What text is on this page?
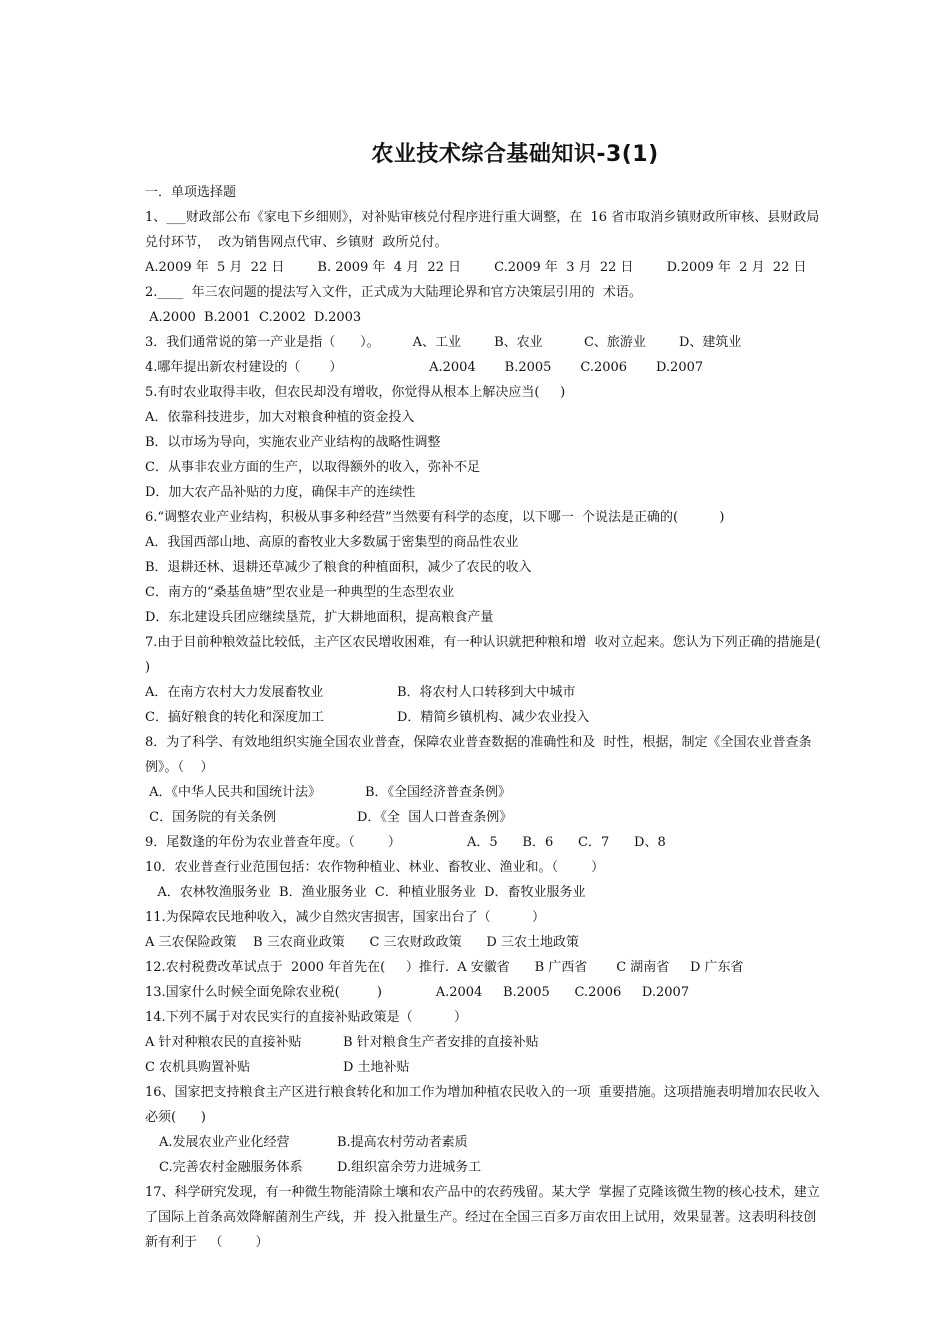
农业技术综合基础知识-3(1)
一．单项选择题
1、___财政部公布《家电下乡细则》，对补贴审核兑付程序进行重大调整，在  16 省市取消乡镇财政所审核、县财政局
兑付环节，  改为销售网点代审、乡镇财  政所兑付。
A.2009 年  5 月  22 日        B. 2009 年  4 月  22 日        C.2009 年  3 月  22 日        D.2009 年  2 月  22 日
2.____  年三农问题的提法写入文件，正式成为大陆理论界和官方决策层引用的  术语。
A.2000  B.2001  C.2002  D.2003
3．我们通常说的第一产业是指（      ）。        A、工业        B、农业          C、旅游业        D、建筑业
4.哪年提出新农村建设的（       ）                     A.2004       B.2005       C.2006       D.2007
5.有时农业取得丰收，但农民却没有增收，你觉得从根本上解决应当(     )
A．依靠科技进步，加大对粮食种植的资金投入
B．以市场为导向，实施农业产业结构的战略性调整
C．从事非农业方面的生产，以取得额外的收入，弥补不足
D．加大农产品补贴的力度，确保丰产的连续性
6.“调整农业产业结构，积极从事多种经营”当然要有科学的态度，以下哪一  个说法是正确的(          )
A．我国西部山地、高原的畜牧业大多数属于密集型的商品性农业
B．退耕还林、退耕还草减少了粮食的种植面积，减少了农民的收入
C．南方的“桑基鱼塘”型农业是一种典型的生态型农业
D．东北建设兵团应继续垦荒，扩大耕地面积，提高粮食产量
7.由于目前种粮效益比较低，主产区农民增收困难，有一种认识就把种粮和增  收对立起来。您认为下列正确的措施是(
)
A．在南方农村大力发展畜牧业	B．将农村人口转移到大中城市
C．搞好粮食的转化和深度加工	D．精简乡镇机构、减少农业投入
8．为了科学、有效地组织实施全国农业普查，保障农业普查数据的准确性和及  时性，根据，制定《全国农业普查条
例》。（    ）
A．《中华人民共和国统计法》	B．《全国经济普查条例》
C．国务院的有关条例	D．《全  国人口普查条例》
9．尾数逢的年份为农业普查年度。（        ）                A．5      B．6      C．7      D、8
10．农业普查行业范围包括：农作物种植业、林业、畜牧业、渔业和。（        ）
A．农林牧渔服务业  B．渔业服务业  C．种植业服务业  D．畜牧业服务业
11.为保障农民地种收入，减少自然灾害损害，国家出台了（          ）
A 三农保险政策    B 三农商业政策      C 三农财政政策      D 三农土地政策
12.农村税费改革试点于  2000 年首先在(     ）推行.  A 安徽省      B 广西省       C 湖南省     D 广东省
13.国家什么时候全面免除农业税(         )             A.2004     B.2005      C.2006     D.2007
14.下列不属于对农民实行的直接补贴政策是（          ）
A 针对种粮农民的直接补贴	B 针对粮食生产者安排的直接补贴
C 农机具购置补贴	D 土地补贴
16、国家把支持粮食主产区进行粮食转化和加工作为增加种植农民收入的一项  重要措施。这项措施表明增加农民收入
必须(      )
A.发展农业产业化经营	B.提高农村劳动者素质
C.完善农村金融服务体系	D.组织富余劳力进城务工
17、科学研究发现，有一种微生物能清除土壤和农产品中的农药残留。某大学  掌握了克隆该微生物的核心技术，建立
了国际上首条高效降解菌剂生产线，并  投入批量生产。经过在全国三百多万亩农田上试用，效果显著。这表明科技创
新有利于   （        ）
